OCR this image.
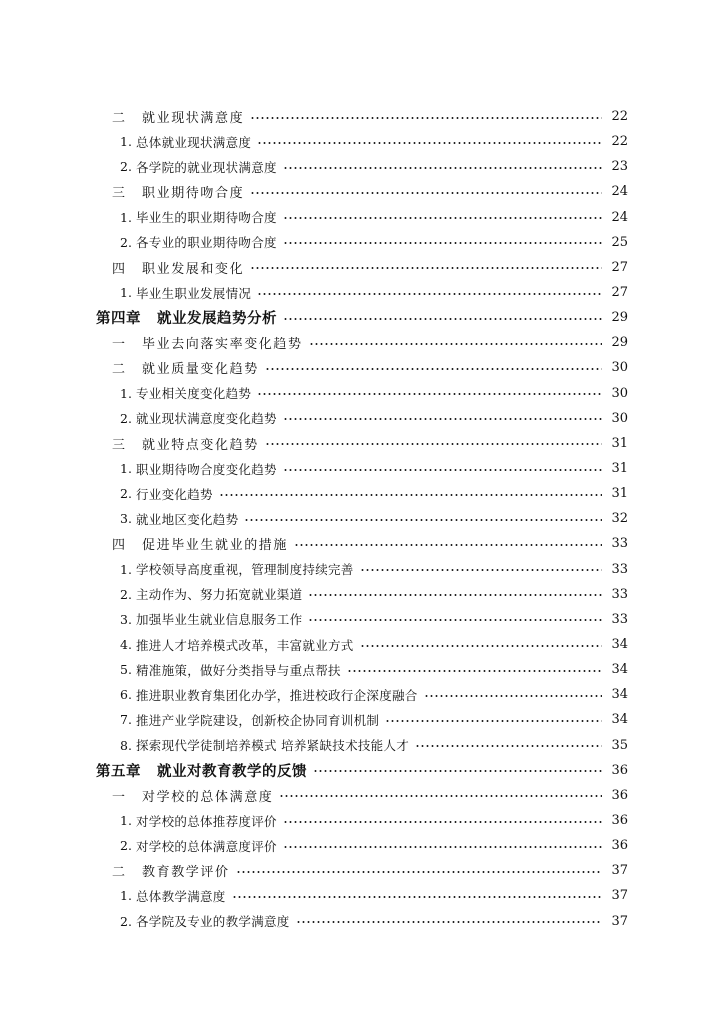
二	就业现状满意度	22
1. 总体就业现状满意度	22
2. 各学院的就业现状满意度	23
三	职业期待吻合度	24
1. 毕业生的职业期待吻合度	24
2. 各专业的职业期待吻合度	25
四	职业发展和变化	27
1. 毕业生职业发展情况	27
第四章 就业发展趋势分析	29
一	毕业去向落实率变化趋势	29
二	就业质量变化趋势	30
1. 专业相关度变化趋势	30
2. 就业现状满意度变化趋势	30
三	就业特点变化趋势	31
1. 职业期待吻合度变化趋势	31
2. 行业变化趋势	31
3. 就业地区变化趋势	32
四	促进毕业生就业的措施	33
1. 学校领导高度重视，管理制度持续完善	33
2. 主动作为、努力拓宽就业渠道	33
3. 加强毕业生就业信息服务工作	33
4. 推进人才培养模式改革，丰富就业方式	34
5. 精准施策，做好分类指导与重点帮扶	34
6. 推进职业教育集团化办学，推进校政行企深度融合	34
7. 推进产业学院建设，创新校企协同育训机制	34
8. 探索现代学徒制培养模式 培养紧缺技术技能人才	35
第五章 就业对教育教学的反馈	36
一	对学校的总体满意度	36
1. 对学校的总体推荐度评价	36
2. 对学校的总体满意度评价	36
二	教育教学评价	37
1. 总体教学满意度	37
2. 各学院及专业的教学满意度	37
